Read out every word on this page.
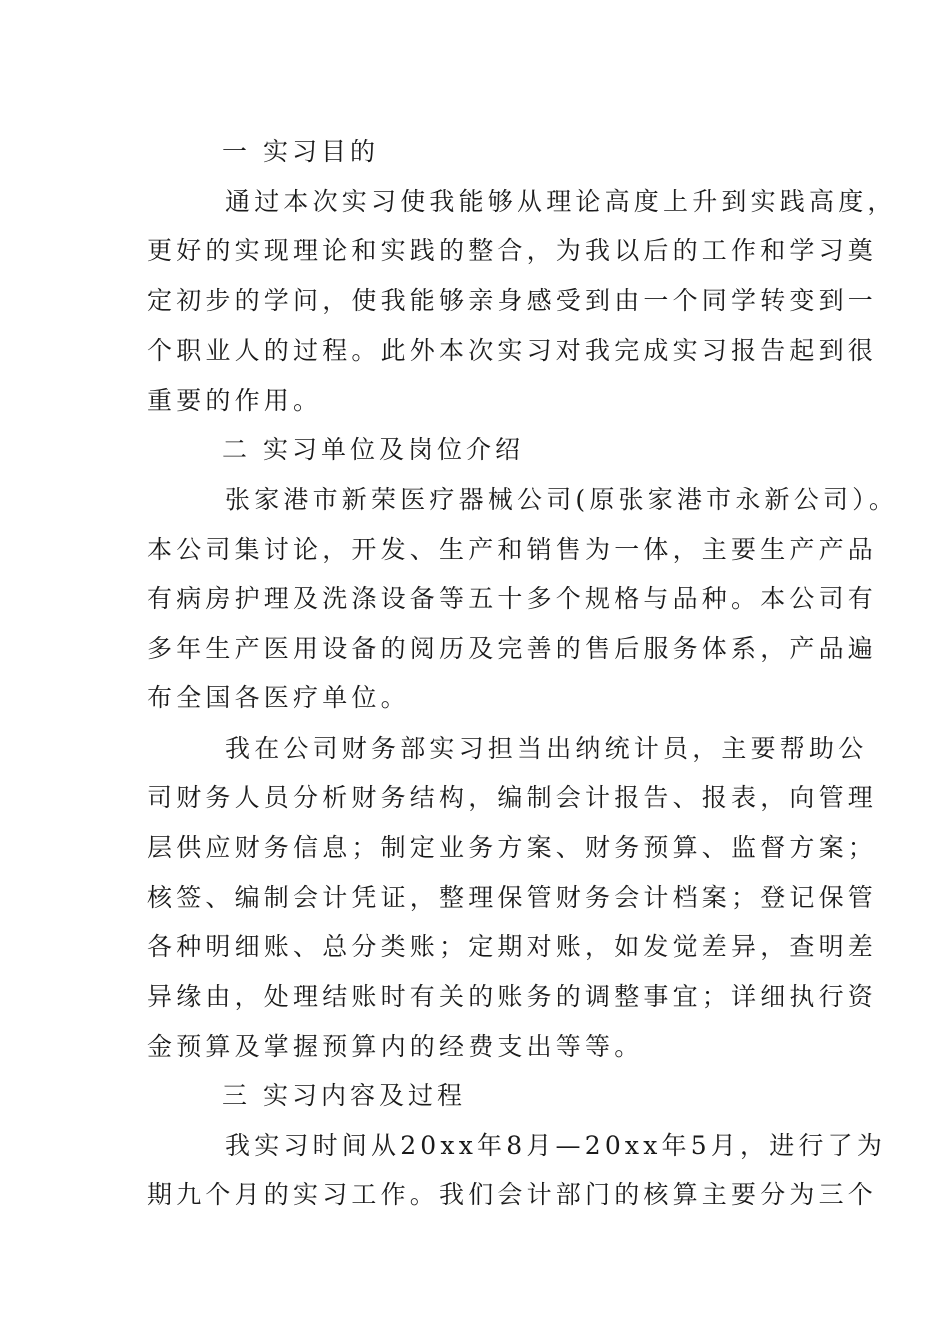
一 实习目的
通过本次实习使我能够从理论高度上升到实践高度，
更好的实现理论和实践的整合，为我以后的工作和学习奠
定初步的学问，使我能够亲身感受到由一个同学转变到一
个职业人的过程。此外本次实习对我完成实习报告起到很
重要的作用。
二 实习单位及岗位介绍
张家港市新荣医疗器械公司(原张家港市永新公司）。
本公司集讨论，开发、生产和销售为一体，主要生产产品
有病房护理及洗涤设备等五十多个规格与品种。本公司有
多年生产医用设备的阅历及完善的售后服务体系，产品遍
布全国各医疗单位。
我在公司财务部实习担当出纳统计员，主要帮助公
司财务人员分析财务结构，编制会计报告、报表，向管理
层供应财务信息；制定业务方案、财务预算、监督方案；
核签、编制会计凭证，整理保管财务会计档案；登记保管
各种明细账、总分类账；定期对账，如发觉差异，查明差
异缘由，处理结账时有关的账务的调整事宜；详细执行资
金预算及掌握预算内的经费支出等等。
三 实习内容及过程
我实习时间从20xx年8月—20xx年5月，进行了为
期九个月的实习工作。我们会计部门的核算主要分为三个
